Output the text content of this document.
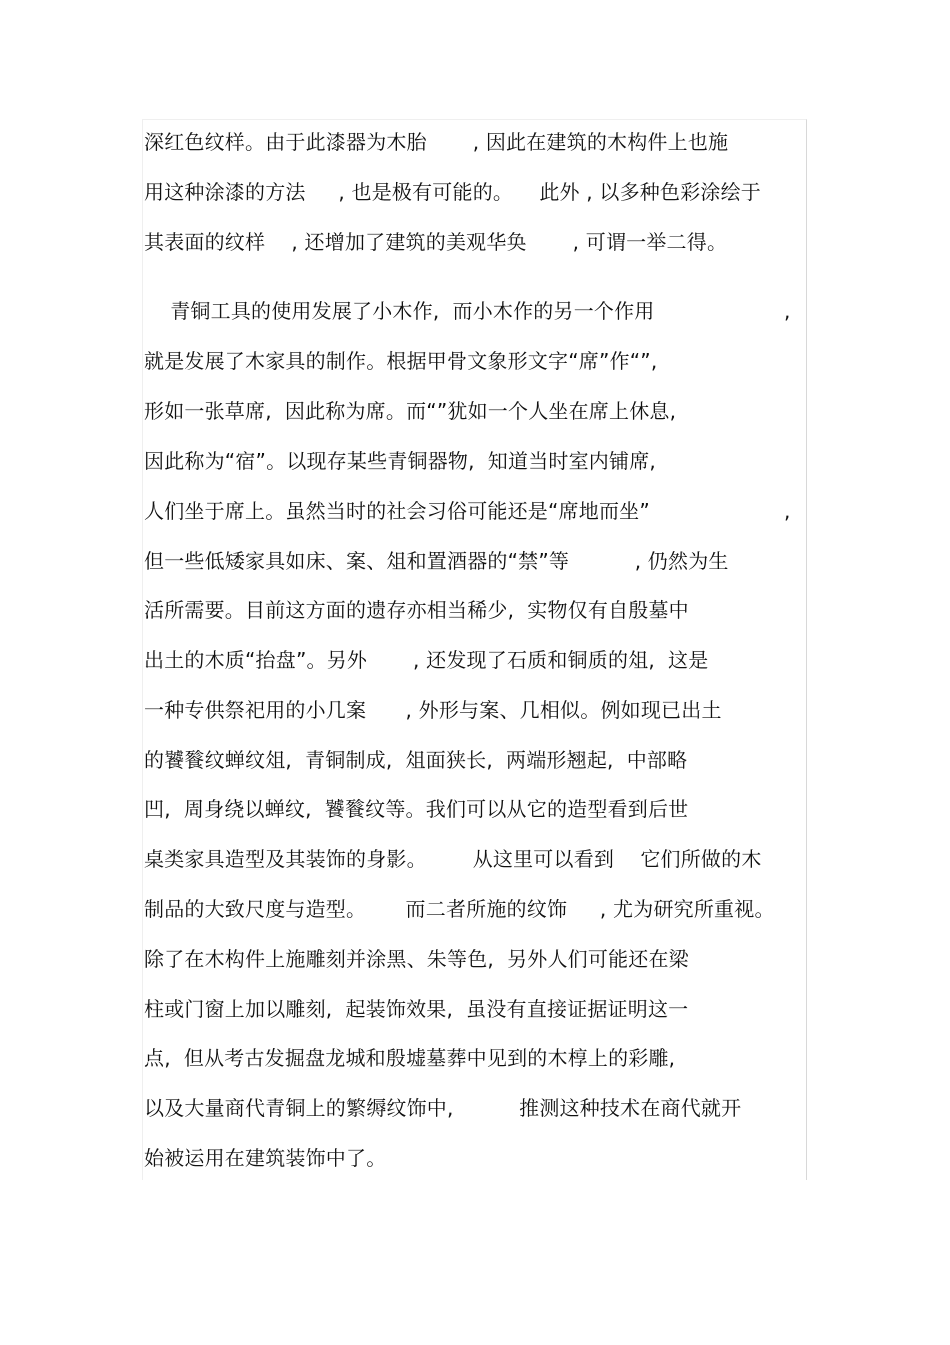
深红色纹样。由于此漆器为木胎       , 因此在建筑的木构件上也施
用这种涂漆的方法     , 也是极有可能的。    此外 , 以多种色彩涂绘于
其表面的纹样    , 还增加了建筑的美观华奂       , 可谓一举二得。
青铜工具的使用发展了小木作,  而小木作的另一个作用	,
就是发展了木家具的制作。根据甲骨文象形文字“席”作“”,
形如一张草席,  因此称为席。而“”犹如一个人坐在席上休息,
因此称为“宿”。以现存某些青铜器物,  知道当时室内铺席,
人们坐于席上。虽然当时的社会习俗可能还是“席地而坐”	,
但一些低矮家具如床、案、俎和置酒器的“禁”等          , 仍然为生
活所需要。目前这方面的遗存亦相当稀少,  实物仅有自殷墓中
出土的木质“抬盘”。另外       , 还发现了石质和铜质的俎,  这是
一种专供祭祀用的小几案      , 外形与案、几相似。例如现已出土
的饕餮纹蝉纹俎,  青铜制成,  俎面狭长,  两端形翘起,  中部略
凹,  周身绕以蝉纹,  饕餮纹等。我们可以从它的造型看到后世
桌类家具造型及其装饰的身影。       从这里可以看到    它们所做的木
制品的大致尺度与造型。      而二者所施的纹饰     , 尤为研究所重视。
除了在木构件上施雕刻并涂黑、朱等色,  另外人们可能还在梁
柱或门窗上加以雕刻,  起装饰效果,  虽没有直接证据证明这一
点,  但从考古发掘盘龙城和殷墟墓葬中见到的木椁上的彩雕,
以及大量商代青铜上的繁缛纹饰中,          推测这种技术在商代就开
始被运用在建筑装饰中了。
